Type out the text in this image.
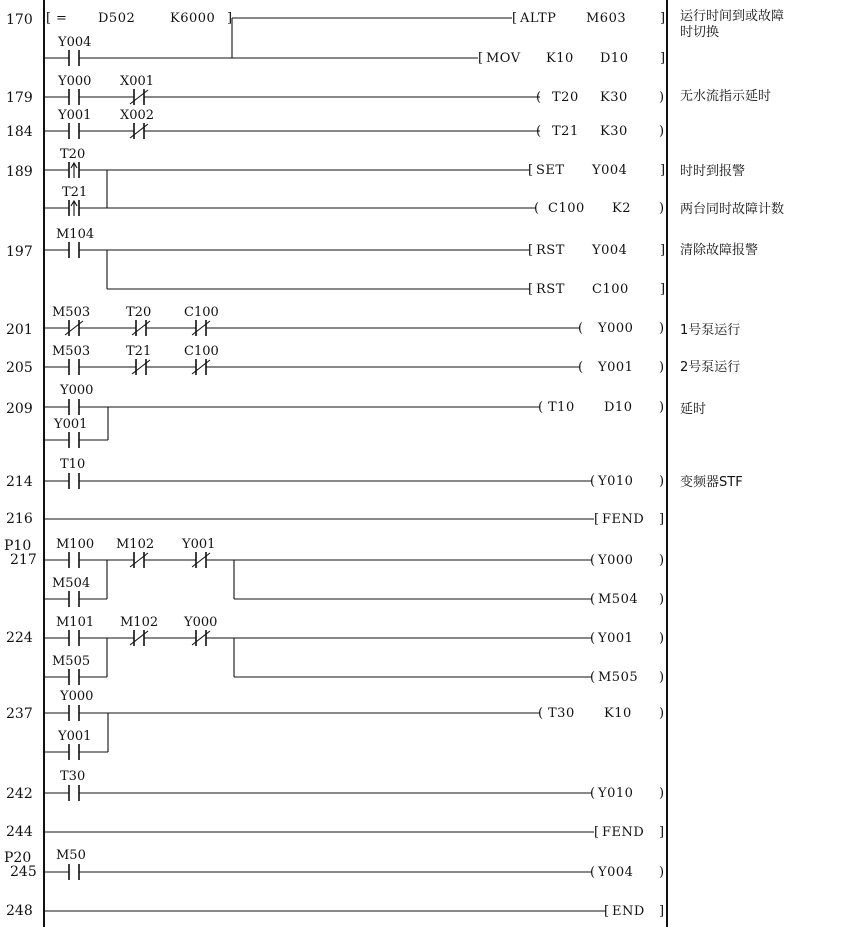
170 [ = D502	K6000 ]	[ ALTP M603	]
Y004
[ MOV K10 D10 ]
运行时间到或故障
时切换
179
Y000 X001
( T20 K30 ) 无水流指示延时
184
Y001 X002
( T21 K30 )
189
T20
[ SET Y004	]
T21
( C100 K2 )
时时到报警
两台同时故障计数
197
M104
[ RST Y004	]
[ RST C100 ]
清除故障报警
201
M503	T20	C100
( Y000 ) 1号泵运行
205
M503	T21	C100
( Y001 ) 2号泵运行
209
Y000
Y001
( T10 D10 ) 延时
214
T10
( Y010 ) 变频器STF
216	[ FEND ]
P10
217
M100 M102 Y001
( Y000 )
M504
( M504 )
224
M101 M102 Y000
( Y001 )
M505
( M505 )
237
Y000
Y001
( T30 K10 )
242
T30
( Y010 )
244	[ FEND ]
P20
245
M50
( Y004 )
248	[ END ]
